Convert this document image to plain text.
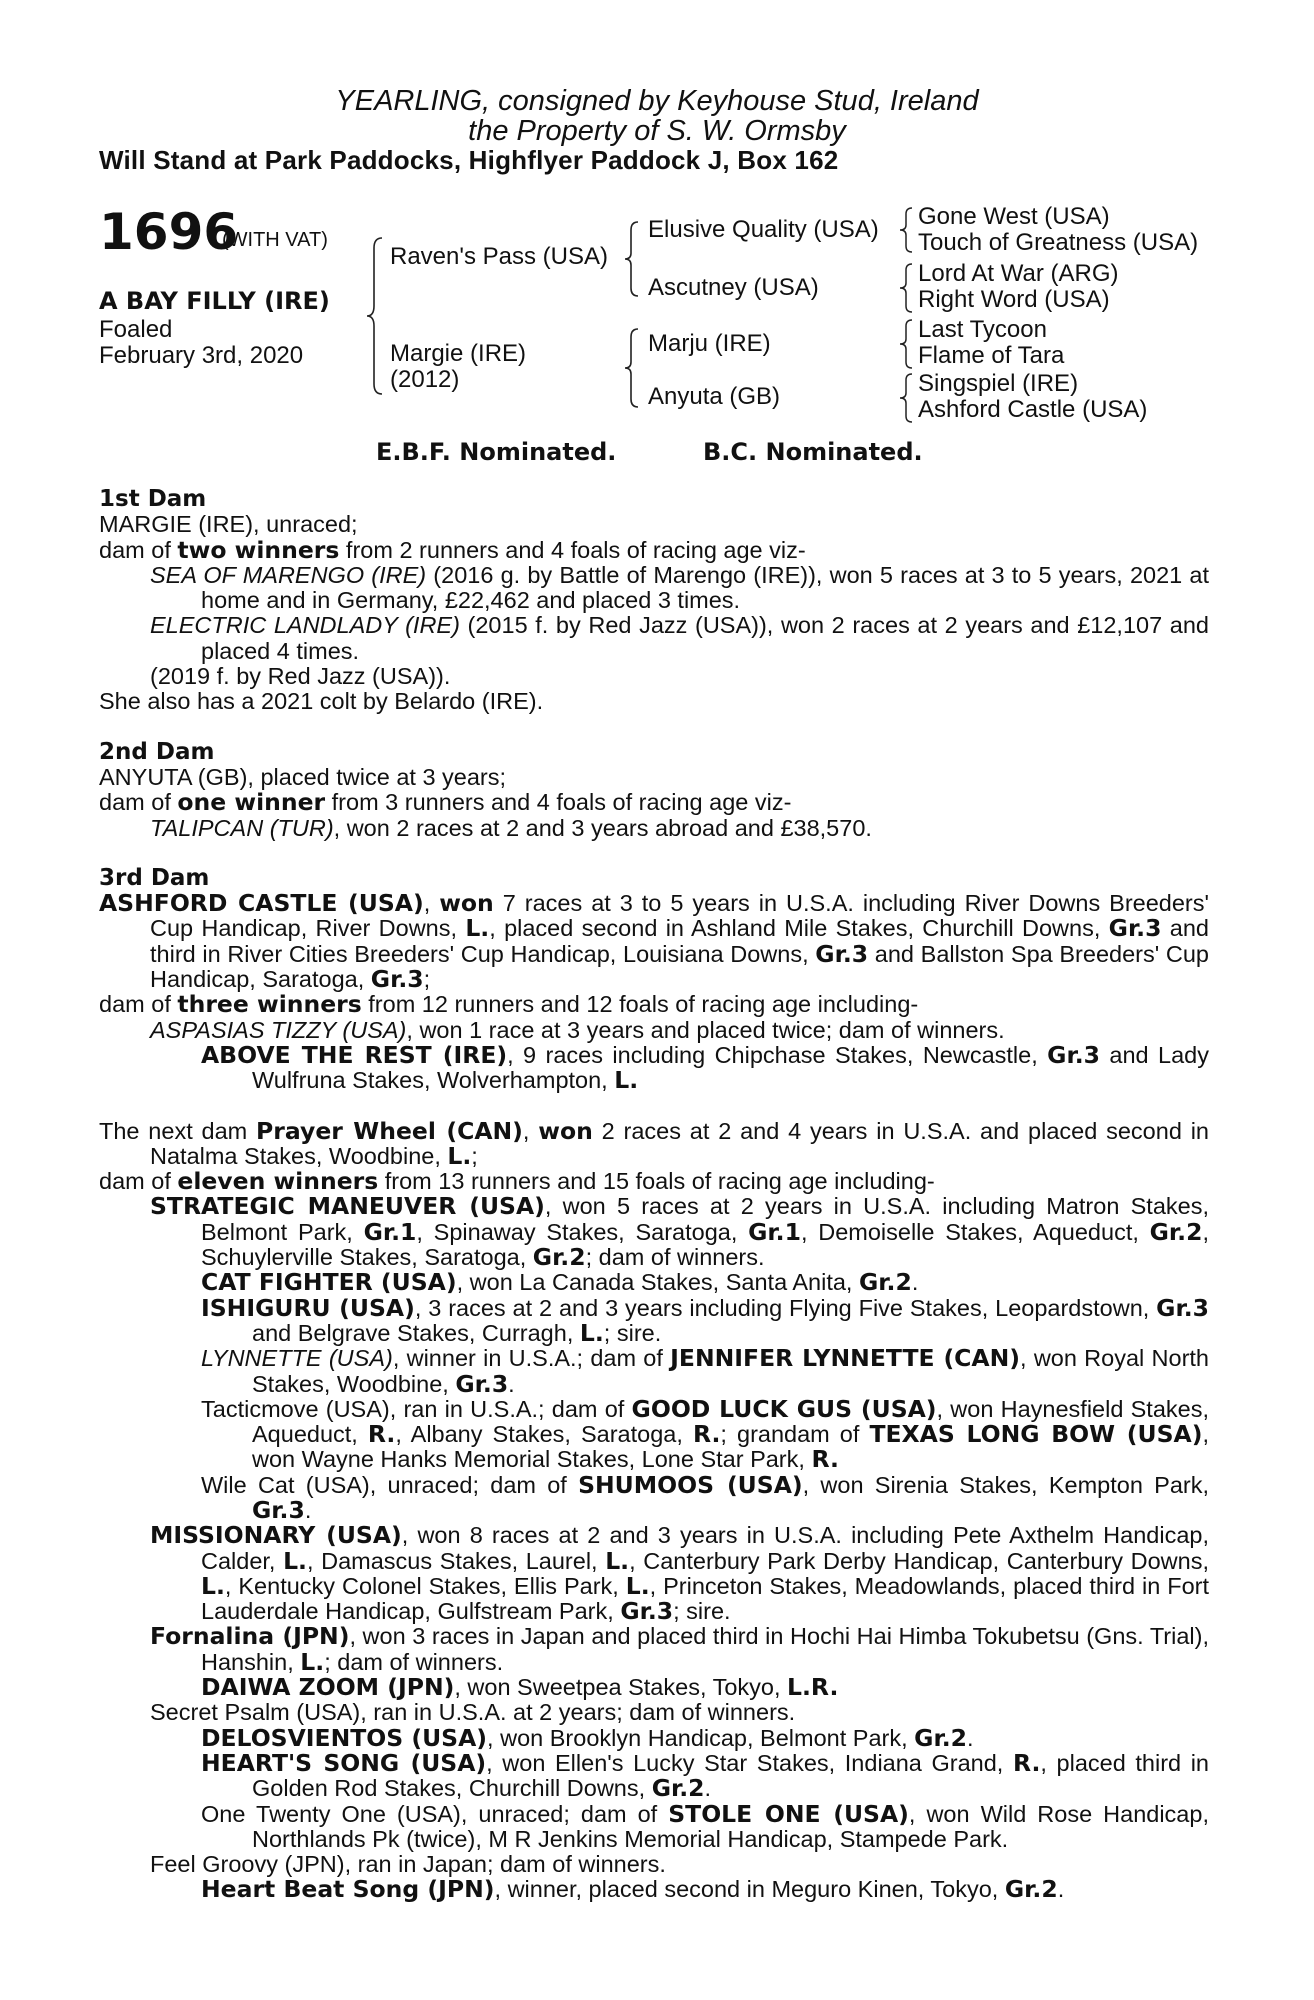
YEARLING, consigned by Keyhouse Stud, Ireland
the Property of S. W. Ormsby
Will Stand at Park Paddocks, Highflyer Paddock J, Box 162
1696
(WITH VAT)
A BAY FILLY (IRE)
Foaled
February 3rd, 2020
Raven's Pass (USA)
Margie (IRE)
(2012)
Elusive Quality (USA)
Ascutney (USA)
Marju (IRE)
Anyuta (GB)
Gone West (USA)
Touch of Greatness (USA)
Lord At War (ARG)
Right Word (USA)
Last Tycoon
Flame of Tara
Singspiel (IRE)
Ashford Castle (USA)
E.B.F. Nominated.	B.C. Nominated.

1st Dam

MARGIE (IRE), unraced;

dam of two winners from 2 runners and 4 foals of racing age viz-

SEA OF MARENGO (IRE) (2016 g. by Battle of Marengo (IRE)), won 5 races at 3 to 5 years, 2021 at home and in Germany, £22,462 and placed 3 times.

ELECTRIC LANDLADY (IRE) (2015 f. by Red Jazz (USA)), won 2 races at 2 years and £12,107 and placed 4 times.

(2019 f. by Red Jazz (USA)).

She also has a 2021 colt by Belardo (IRE).

2nd Dam

ANYUTA (GB), placed twice at 3 years;

dam of one winner from 3 runners and 4 foals of racing age viz-

TALIPCAN (TUR), won 2 races at 2 and 3 years abroad and £38,570.

3rd Dam

ASHFORD CASTLE (USA), won 7 races at 3 to 5 years in U.S.A. including River Downs Breeders' Cup Handicap, River Downs, L., placed second in Ashland Mile Stakes, Churchill Downs, Gr.3 and third in River Cities Breeders' Cup Handicap, Louisiana Downs, Gr.3 and Ballston Spa Breeders' Cup Handicap, Saratoga, Gr.3;

dam of three winners from 12 runners and 12 foals of racing age including-

ASPASIAS TIZZY (USA), won 1 race at 3 years and placed twice; dam of winners.

ABOVE THE REST (IRE), 9 races including Chipchase Stakes, Newcastle, Gr.3 and Lady Wulfruna Stakes, Wolverhampton, L.

The next dam Prayer Wheel (CAN), won 2 races at 2 and 4 years in U.S.A. and placed second in Natalma Stakes, Woodbine, L.;

dam of eleven winners from 13 runners and 15 foals of racing age including-

STRATEGIC MANEUVER (USA), won 5 races at 2 years in U.S.A. including Matron Stakes, Belmont Park, Gr.1, Spinaway Stakes, Saratoga, Gr.1, Demoiselle Stakes, Aqueduct, Gr.2, Schuylerville Stakes, Saratoga, Gr.2; dam of winners.

CAT FIGHTER (USA), won La Canada Stakes, Santa Anita, Gr.2.

ISHIGURU (USA), 3 races at 2 and 3 years including Flying Five Stakes, Leopardstown, Gr.3 and Belgrave Stakes, Curragh, L.; sire.

LYNNETTE (USA), winner in U.S.A.; dam of JENNIFER LYNNETTE (CAN), won Royal North Stakes, Woodbine, Gr.3.

Tacticmove (USA), ran in U.S.A.; dam of GOOD LUCK GUS (USA), won Haynesfield Stakes, Aqueduct, R., Albany Stakes, Saratoga, R.; grandam of TEXAS LONG BOW (USA), won Wayne Hanks Memorial Stakes, Lone Star Park, R.

Wile Cat (USA), unraced; dam of SHUMOOS (USA), won Sirenia Stakes, Kempton Park, Gr.3.

MISSIONARY (USA), won 8 races at 2 and 3 years in U.S.A. including Pete Axthelm Handicap, Calder, L., Damascus Stakes, Laurel, L., Canterbury Park Derby Handicap, Canterbury Downs, L., Kentucky Colonel Stakes, Ellis Park, L., Princeton Stakes, Meadowlands, placed third in Fort Lauderdale Handicap, Gulfstream Park, Gr.3; sire.

Fornalina (JPN), won 3 races in Japan and placed third in Hochi Hai Himba Tokubetsu (Gns. Trial), Hanshin, L.; dam of winners.

DAIWA ZOOM (JPN), won Sweetpea Stakes, Tokyo, L.R.

Secret Psalm (USA), ran in U.S.A. at 2 years; dam of winners.

DELOSVIENTOS (USA), won Brooklyn Handicap, Belmont Park, Gr.2.

HEART'S SONG (USA), won Ellen's Lucky Star Stakes, Indiana Grand, R., placed third in Golden Rod Stakes, Churchill Downs, Gr.2.

One Twenty One (USA), unraced; dam of STOLE ONE (USA), won Wild Rose Handicap, Northlands Pk (twice), M R Jenkins Memorial Handicap, Stampede Park.

Feel Groovy (JPN), ran in Japan; dam of winners.

Heart Beat Song (JPN), winner, placed second in Meguro Kinen, Tokyo, Gr.2.
